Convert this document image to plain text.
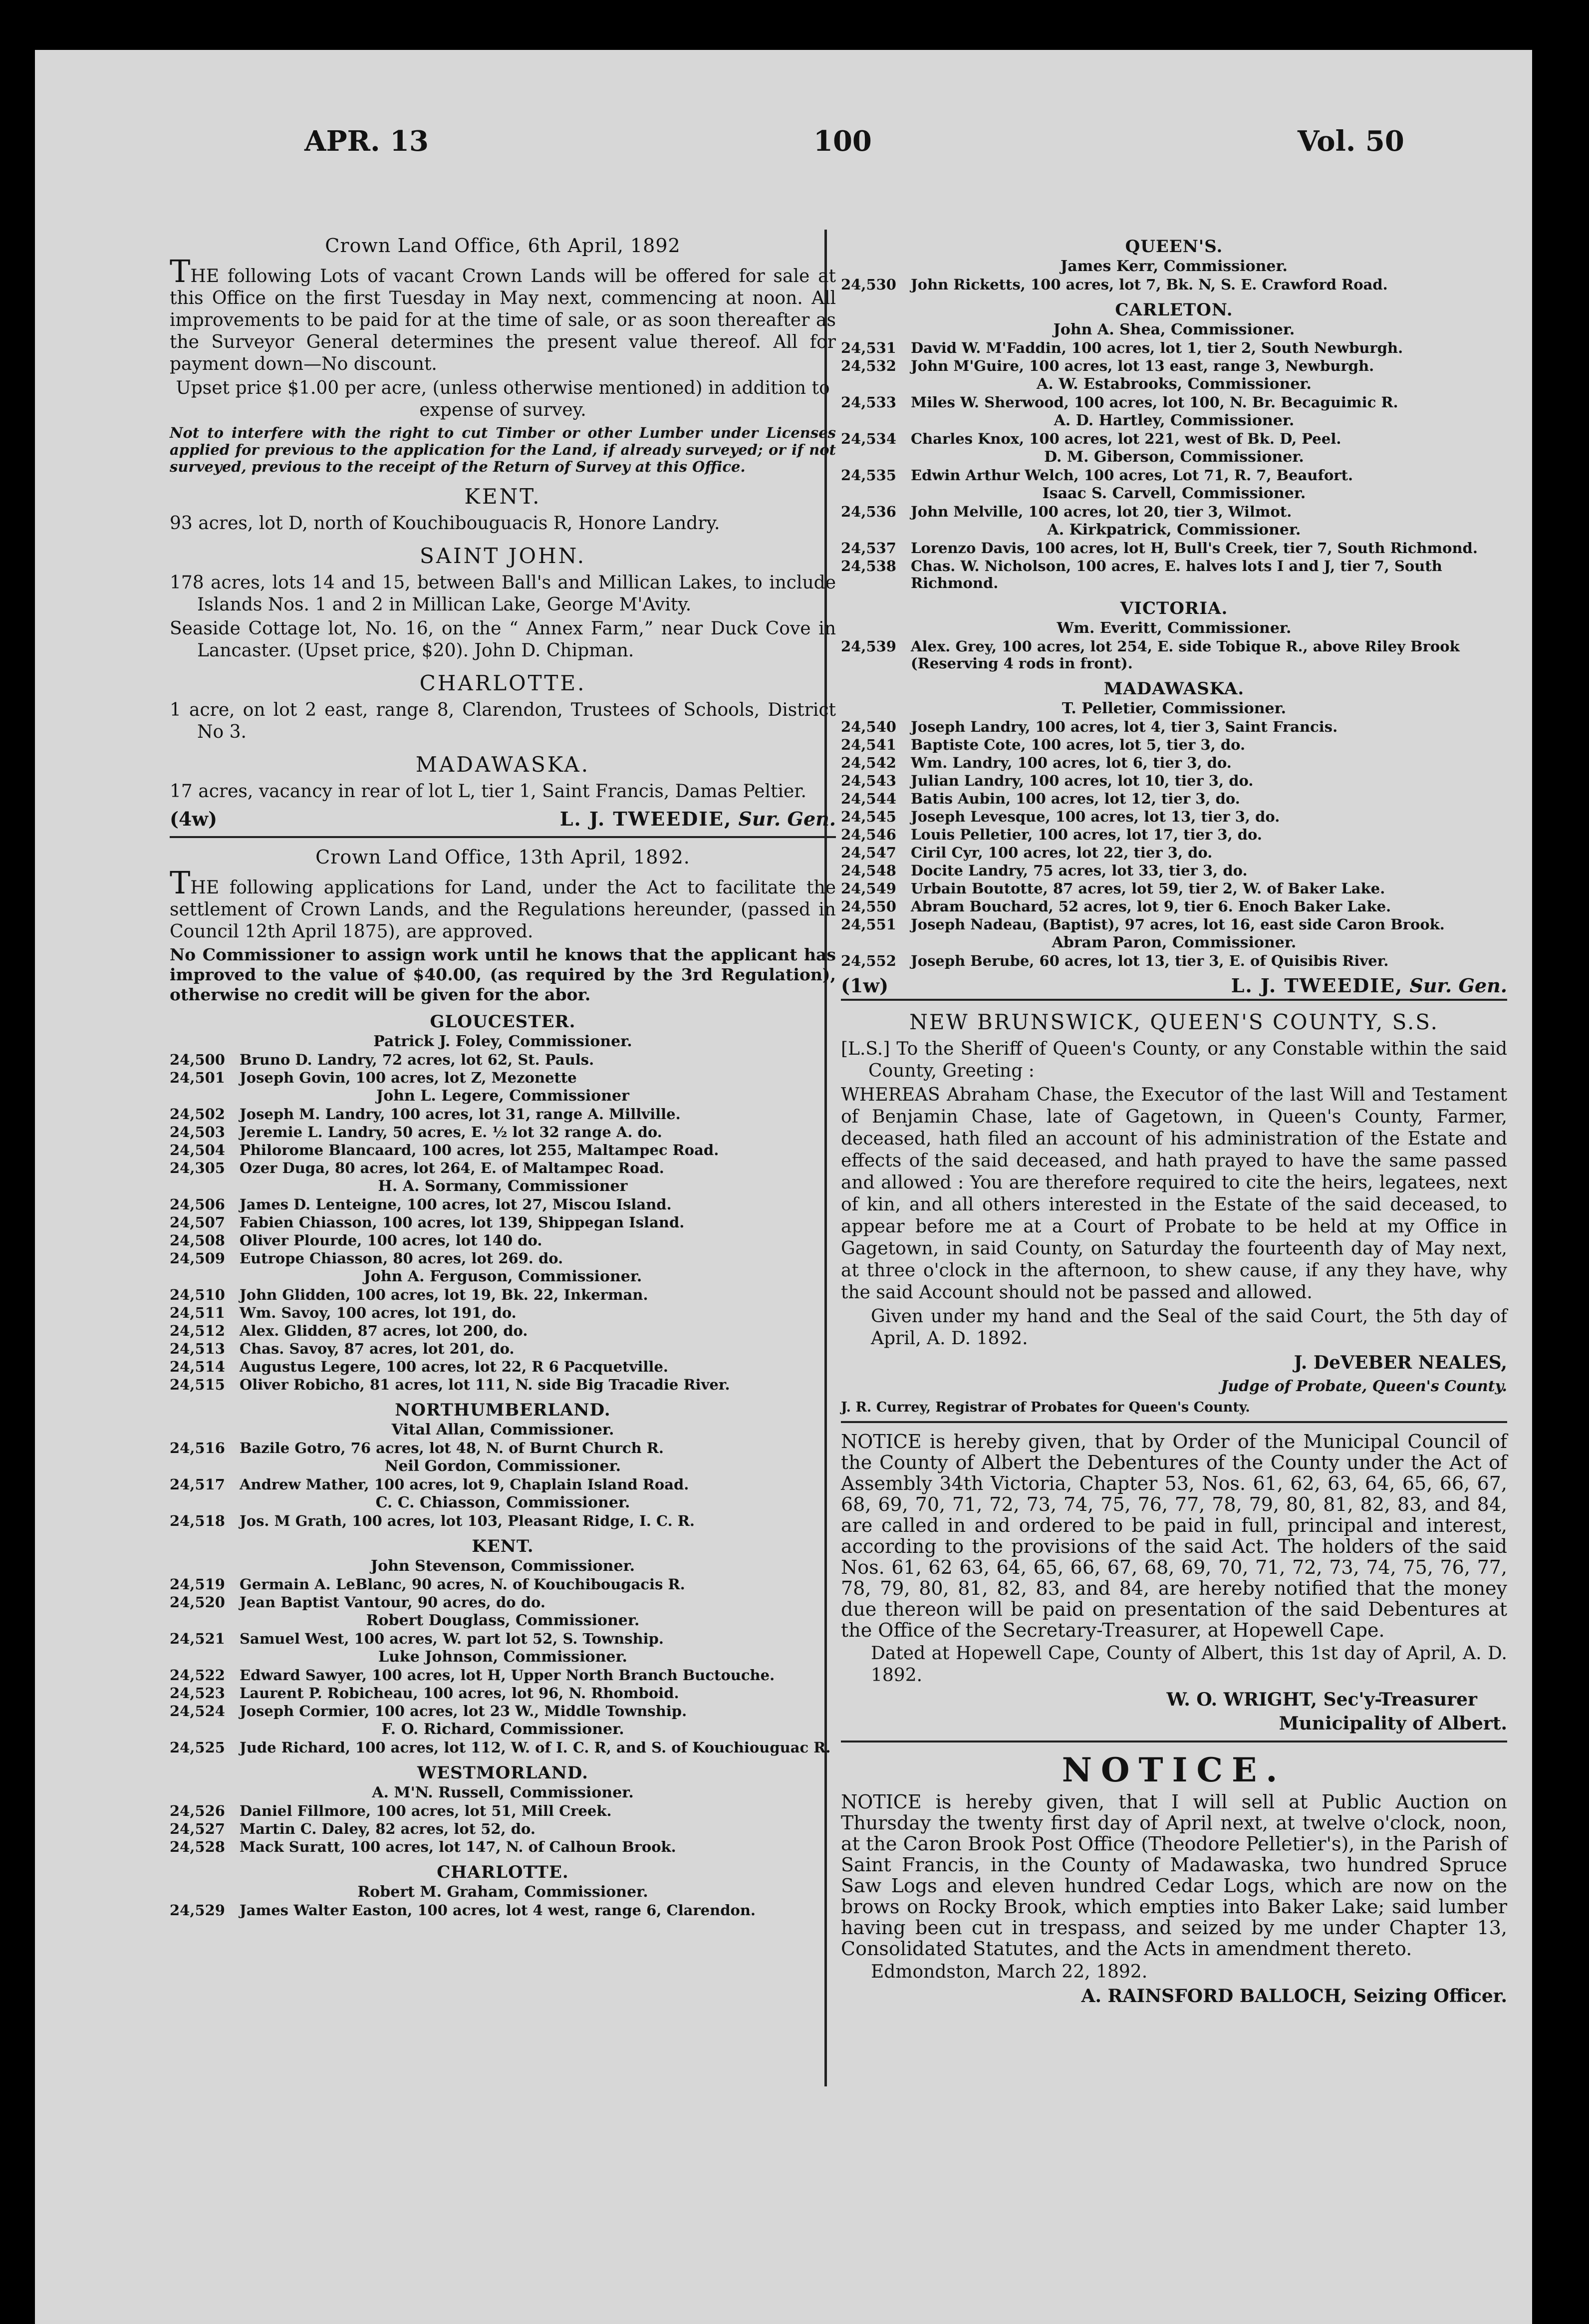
APR. 13	100	Vol. 50
Crown Land Office, 6th April, 1892
THE following Lots of vacant Crown Lands will be offered for sale at this Office on the first Tuesday in May next, commencing at noon. All improvements to be paid for at the time of sale, or as soon thereafter as the Surveyor General determines the present value thereof. All for payment down—No discount.
Upset price $1.00 per acre, (unless otherwise mentioned) in addition to expense of survey.
Not to interfere with the right to cut Timber or other Lumber under Licenses applied for previous to the application for the Land, if already surveyed; or if not surveyed, previous to the receipt of the Return of Survey at this Office.
KENT.
93 acres, lot D, north of Kouchibouguacis R, Honore Landry.
SAINT JOHN.
178 acres, lots 14 and 15, between Ball's and Millican Lakes, to include Islands Nos. 1 and 2 in Millican Lake, George M'Avity.
Seaside Cottage lot, No. 16, on the “ Annex Farm,” near Duck Cove in Lancaster. (Upset price, $20). John D. Chipman.
CHARLOTTE.
1 acre, on lot 2 east, range 8, Clarendon, Trustees of Schools, District No 3.
MADAWASKA.
17 acres, vacancy in rear of lot L, tier 1, Saint Francis, Damas Peltier.
(4w)	L. J. TWEEDIE, Sur. Gen.
Crown Land Office, 13th April, 1892.
THE following applications for Land, under the Act to facilitate the settlement of Crown Lands, and the Regulations hereunder, (passed in Council 12th April 1875), are approved.
No Commissioner to assign work until he knows that the applicant has improved to the value of $40.00, (as required by the 3rd Regulation), otherwise no credit will be given for the abor.
GLOUCESTER.
Patrick J. Foley, Commissioner.
24,500	Bruno D. Landry, 72 acres, lot 62, St. Pauls.
24,501	Joseph Govin, 100 acres, lot Z, Mezonette
John L. Legere, Commissioner
24,502	Joseph M. Landry, 100 acres, lot 31, range A. Millville.
24,503	Jeremie L. Landry, 50 acres, E. ½ lot 32 range A. do.
24,504	Philorome Blancaard, 100 acres, lot 255, Maltampec Road.
24,305	Ozer Duga, 80 acres, lot 264, E. of Maltampec Road.
H. A. Sormany, Commissioner
24,506	James D. Lenteigne, 100 acres, lot 27, Miscou Island.
24,507	Fabien Chiasson, 100 acres, lot 139, Shippegan Island.
24,508	Oliver Plourde, 100 acres, lot 140 do.
24,509	Eutrope Chiasson, 80 acres, lot 269. do.
John A. Ferguson, Commissioner.
24,510	John Glidden, 100 acres, lot 19, Bk. 22, Inkerman.
24,511	Wm. Savoy, 100 acres, lot 191, do.
24,512	Alex. Glidden, 87 acres, lot 200, do.
24,513	Chas. Savoy, 87 acres, lot 201, do.
24,514	Augustus Legere, 100 acres, lot 22, R 6 Pacquetville.
24,515	Oliver Robicho, 81 acres, lot 111, N. side Big Tracadie River.
NORTHUMBERLAND.
Vital Allan, Commissioner.
24,516	Bazile Gotro, 76 acres, lot 48, N. of Burnt Church R.
Neil Gordon, Commissioner.
24,517	Andrew Mather, 100 acres, lot 9, Chaplain Island Road.
C. C. Chiasson, Commissioner.
24,518	Jos. M Grath, 100 acres, lot 103, Pleasant Ridge, I. C. R.
KENT.
John Stevenson, Commissioner.
24,519	Germain A. LeBlanc, 90 acres, N. of Kouchibougacis R.
24,520	Jean Baptist Vantour, 90 acres, do do.
Robert Douglass, Commissioner.
24,521	Samuel West, 100 acres, W. part lot 52, S. Township.
Luke Johnson, Commissioner.
24,522	Edward Sawyer, 100 acres, lot H, Upper North Branch Buctouche.
24,523	Laurent P. Robicheau, 100 acres, lot 96, N. Rhomboid.
24,524	Joseph Cormier, 100 acres, lot 23 W., Middle Township.
F. O. Richard, Commissioner.
24,525	Jude Richard, 100 acres, lot 112, W. of I. C. R, and S. of Kouchiouguac R.
WESTMORLAND.
A. M'N. Russell, Commissioner.
24,526	Daniel Fillmore, 100 acres, lot 51, Mill Creek.
24,527	Martin C. Daley, 82 acres, lot 52, do.
24,528	Mack Suratt, 100 acres, lot 147, N. of Calhoun Brook.
CHARLOTTE.
Robert M. Graham, Commissioner.
24,529	James Walter Easton, 100 acres, lot 4 west, range 6, Clarendon.
QUEEN'S.
James Kerr, Commissioner.
24,530	John Ricketts, 100 acres, lot 7, Bk. N, S. E. Crawford Road.
CARLETON.
John A. Shea, Commissioner.
24,531	David W. M'Faddin, 100 acres, lot 1, tier 2, South Newburgh.
24,532	John M'Guire, 100 acres, lot 13 east, range 3, Newburgh.
A. W. Estabrooks, Commissioner.
24,533	Miles W. Sherwood, 100 acres, lot 100, N. Br. Becaguimic R.
A. D. Hartley, Commissioner.
24,534	Charles Knox, 100 acres, lot 221, west of Bk. D, Peel.
D. M. Giberson, Commissioner.
24,535	Edwin Arthur Welch, 100 acres, Lot 71, R. 7, Beaufort.
Isaac S. Carvell, Commissioner.
24,536	John Melville, 100 acres, lot 20, tier 3, Wilmot.
A. Kirkpatrick, Commissioner.
24,537	Lorenzo Davis, 100 acres, lot H, Bull's Creek, tier 7, South Richmond.
24,538	Chas. W. Nicholson, 100 acres, E. halves lots I and J, tier 7, South Richmond.
VICTORIA.
Wm. Everitt, Commissioner.
24,539	Alex. Grey, 100 acres, lot 254, E. side Tobique R., above Riley Brook (Reserving 4 rods in front).
MADAWASKA.
T. Pelletier, Commissioner.
24,540	Joseph Landry, 100 acres, lot 4, tier 3, Saint Francis.
24,541	Baptiste Cote, 100 acres, lot 5, tier 3, do.
24,542	Wm. Landry, 100 acres, lot 6, tier 3, do.
24,543	Julian Landry, 100 acres, lot 10, tier 3, do.
24,544	Batis Aubin, 100 acres, lot 12, tier 3, do.
24,545	Joseph Levesque, 100 acres, lot 13, tier 3, do.
24,546	Louis Pelletier, 100 acres, lot 17, tier 3, do.
24,547	Ciril Cyr, 100 acres, lot 22, tier 3, do.
24,548	Docite Landry, 75 acres, lot 33, tier 3, do.
24,549	Urbain Boutotte, 87 acres, lot 59, tier 2, W. of Baker Lake.
24,550	Abram Bouchard, 52 acres, lot 9, tier 6. Enoch Baker Lake.
24,551	Joseph Nadeau, (Baptist), 97 acres, lot 16, east side Caron Brook.
Abram Paron, Commissioner.
24,552	Joseph Berube, 60 acres, lot 13, tier 3, E. of Quisibis River.
(1w)	L. J. TWEEDIE, Sur. Gen.
NEW BRUNSWICK, QUEEN'S COUNTY, S.S.
[L.S.] To the Sheriff of Queen's County, or any Constable within the said County, Greeting :
WHEREAS Abraham Chase, the Executor of the last Will and Testament of Benjamin Chase, late of Gagetown, in Queen's County, Farmer, deceased, hath filed an account of his administration of the Estate and effects of the said deceased, and hath prayed to have the same passed and allowed : You are therefore required to cite the heirs, legatees, next of kin, and all others interested in the Estate of the said deceased, to appear before me at a Court of Probate to be held at my Office in Gagetown, in said County, on Saturday the fourteenth day of May next, at three o'clock in the afternoon, to shew cause, if any they have, why the said Account should not be passed and allowed.
Given under my hand and the Seal of the said Court, the 5th day of April, A. D. 1892.
J. DeVEBER NEALES,
Judge of Probate, Queen's County.
J. R. Currey, Registrar of Probates for Queen's County.
NOTICE is hereby given, that by Order of the Municipal Council of the County of Albert the Debentures of the County under the Act of Assembly 34th Victoria, Chapter 53, Nos. 61, 62, 63, 64, 65, 66, 67, 68, 69, 70, 71, 72, 73, 74, 75, 76, 77, 78, 79, 80, 81, 82, 83, and 84, are called in and ordered to be paid in full, principal and interest, according to the provisions of the said Act. The holders of the said Nos. 61, 62 63, 64, 65, 66, 67, 68, 69, 70, 71, 72, 73, 74, 75, 76, 77, 78, 79, 80, 81, 82, 83, and 84, are hereby notified that the money due thereon will be paid on presentation of the said Debentures at the Office of the Secretary-Treasurer, at Hopewell Cape.
Dated at Hopewell Cape, County of Albert, this 1st day of April, A. D. 1892.
W. O. WRIGHT, Sec'y-Treasurer
Municipality of Albert.
NOTICE.
NOTICE is hereby given, that I will sell at Public Auction on Thursday the twenty first day of April next, at twelve o'clock, noon, at the Caron Brook Post Office (Theodore Pelletier's), in the Parish of Saint Francis, in the County of Madawaska, two hundred Spruce Saw Logs and eleven hundred Cedar Logs, which are now on the brows on Rocky Brook, which empties into Baker Lake; said lumber having been cut in trespass, and seized by me under Chapter 13, Consolidated Statutes, and the Acts in amendment thereto.
Edmondston, March 22, 1892.
A. RAINSFORD BALLOCH, Seizing Officer.
